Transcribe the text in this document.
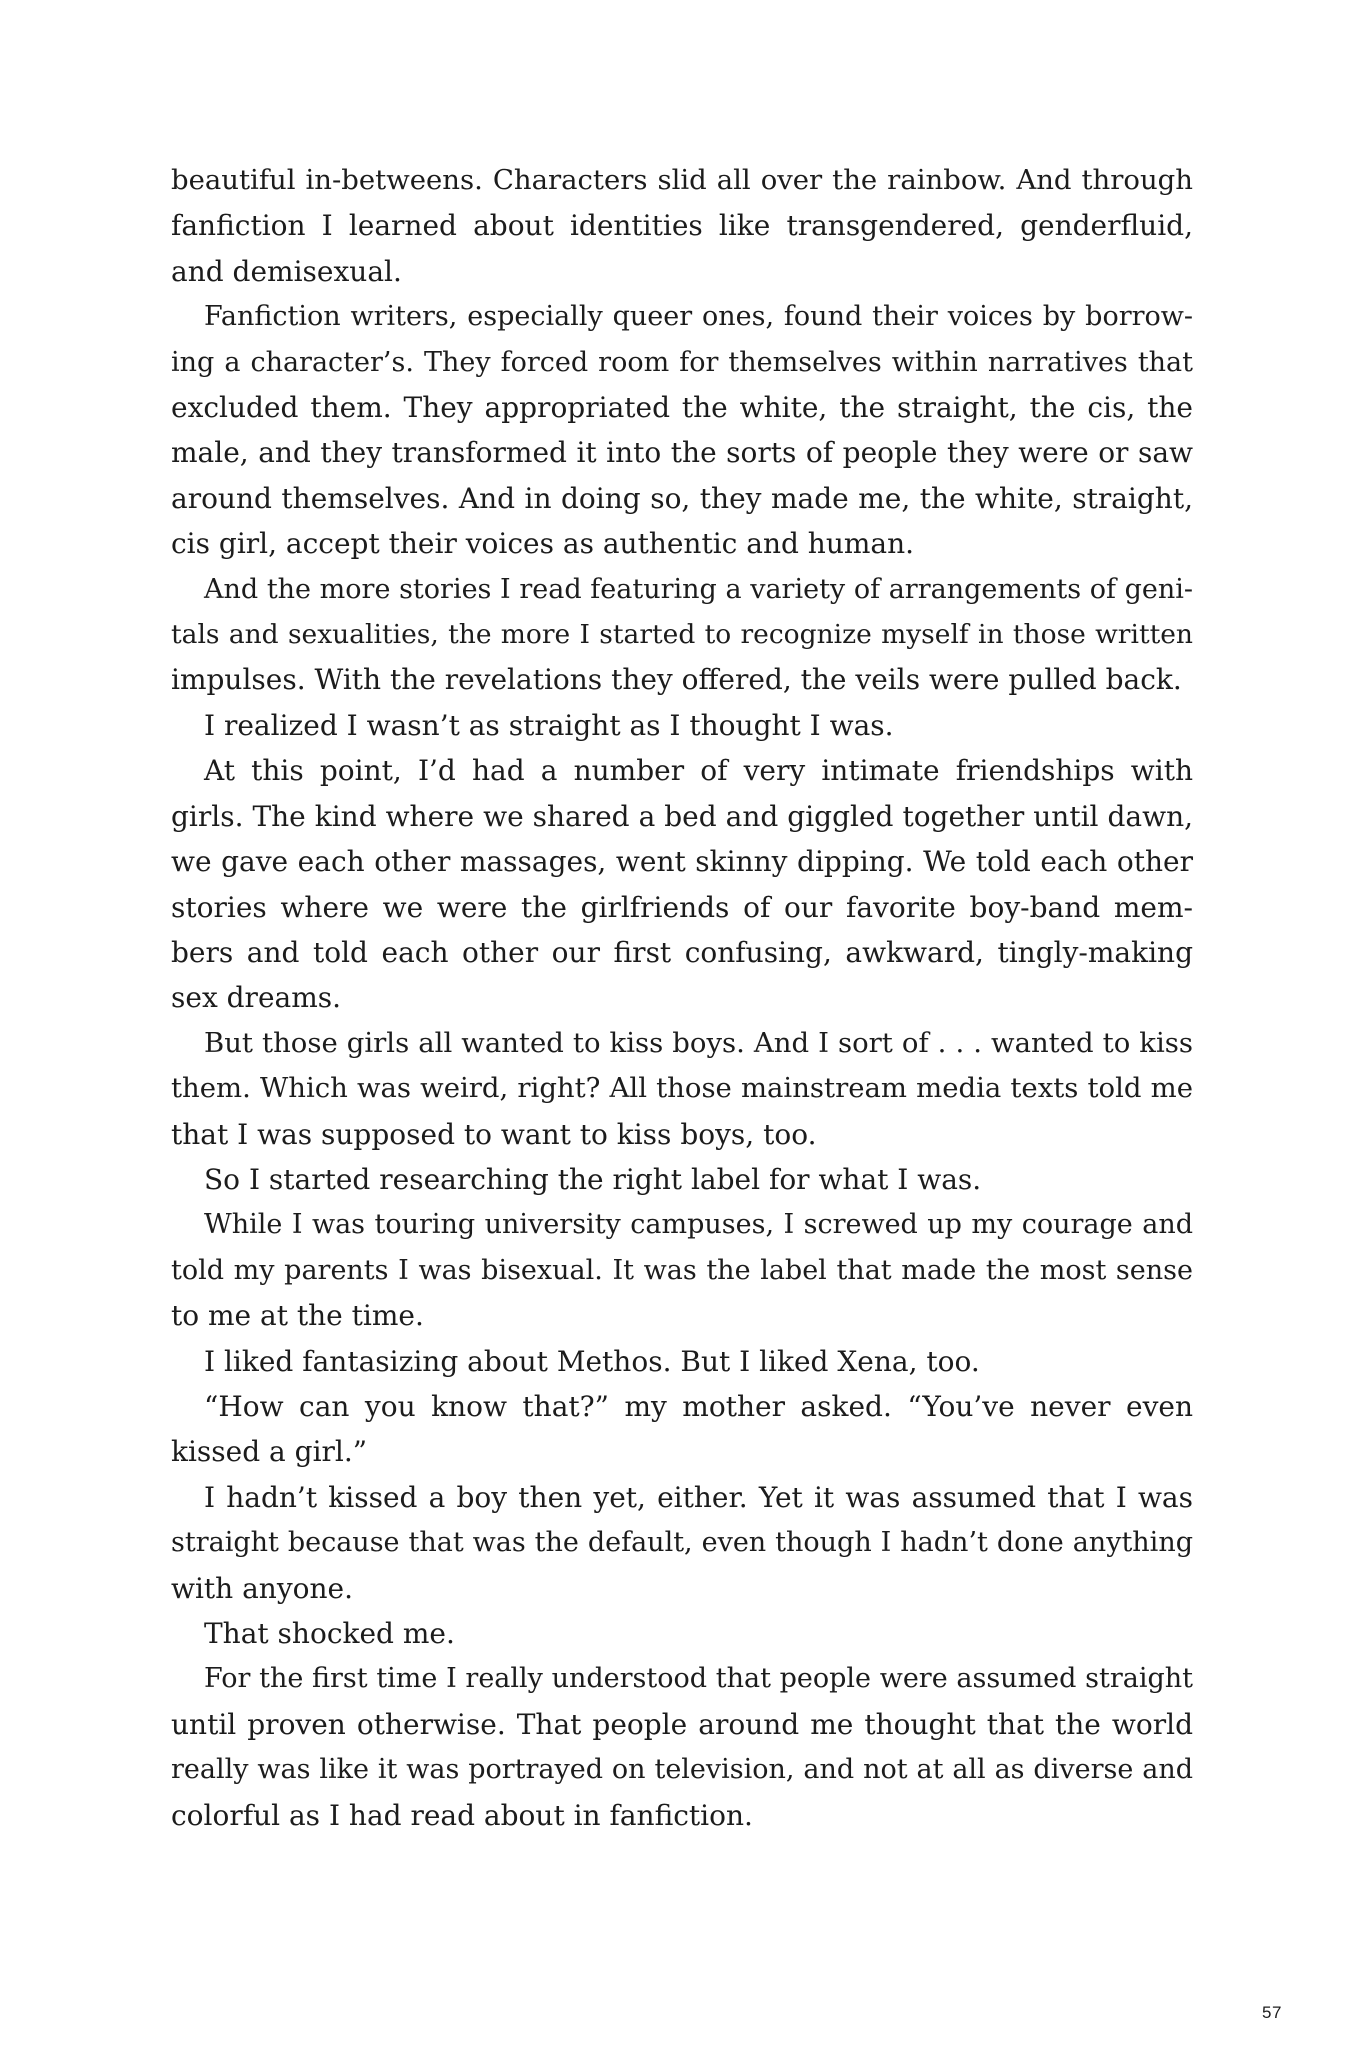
beautiful in-betweens. Characters slid all over the rainbow. And through
fanfiction I learned about identities like transgendered, genderfluid,
and demisexual.
Fanfiction writers, especially queer ones, found their voices by borrow-
ing a character’s. They forced room for themselves within narratives that
excluded them. They appropriated the white, the straight, the cis, the
male, and they transformed it into the sorts of people they were or saw
around themselves. And in doing so, they made me, the white, straight,
cis girl, accept their voices as authentic and human.
And the more stories I read featuring a variety of arrangements of geni-
tals and sexualities, the more I started to recognize myself in those written
impulses. With the revelations they offered, the veils were pulled back.
I realized I wasn’t as straight as I thought I was.
At this point, I’d had a number of very intimate friendships with
girls. The kind where we shared a bed and giggled together until dawn,
we gave each other massages, went skinny dipping. We told each other
stories where we were the girlfriends of our favorite boy-band mem-
bers and told each other our first confusing, awkward, tingly-making
sex dreams.
But those girls all wanted to kiss boys. And I sort of . . . wanted to kiss
them. Which was weird, right? All those mainstream media texts told me
that I was supposed to want to kiss boys, too.
So I started researching the right label for what I was.
While I was touring university campuses, I screwed up my courage and
told my parents I was bisexual. It was the label that made the most sense
to me at the time.
I liked fantasizing about Methos. But I liked Xena, too.
“How can you know that?” my mother asked. “You’ve never even
kissed a girl.”
I hadn’t kissed a boy then yet, either. Yet it was assumed that I was
straight because that was the default, even though I hadn’t done anything
with anyone.
That shocked me.
For the first time I really understood that people were assumed straight
until proven otherwise. That people around me thought that the world
really was like it was portrayed on television, and not at all as diverse and
colorful as I had read about in fanfiction.
57
